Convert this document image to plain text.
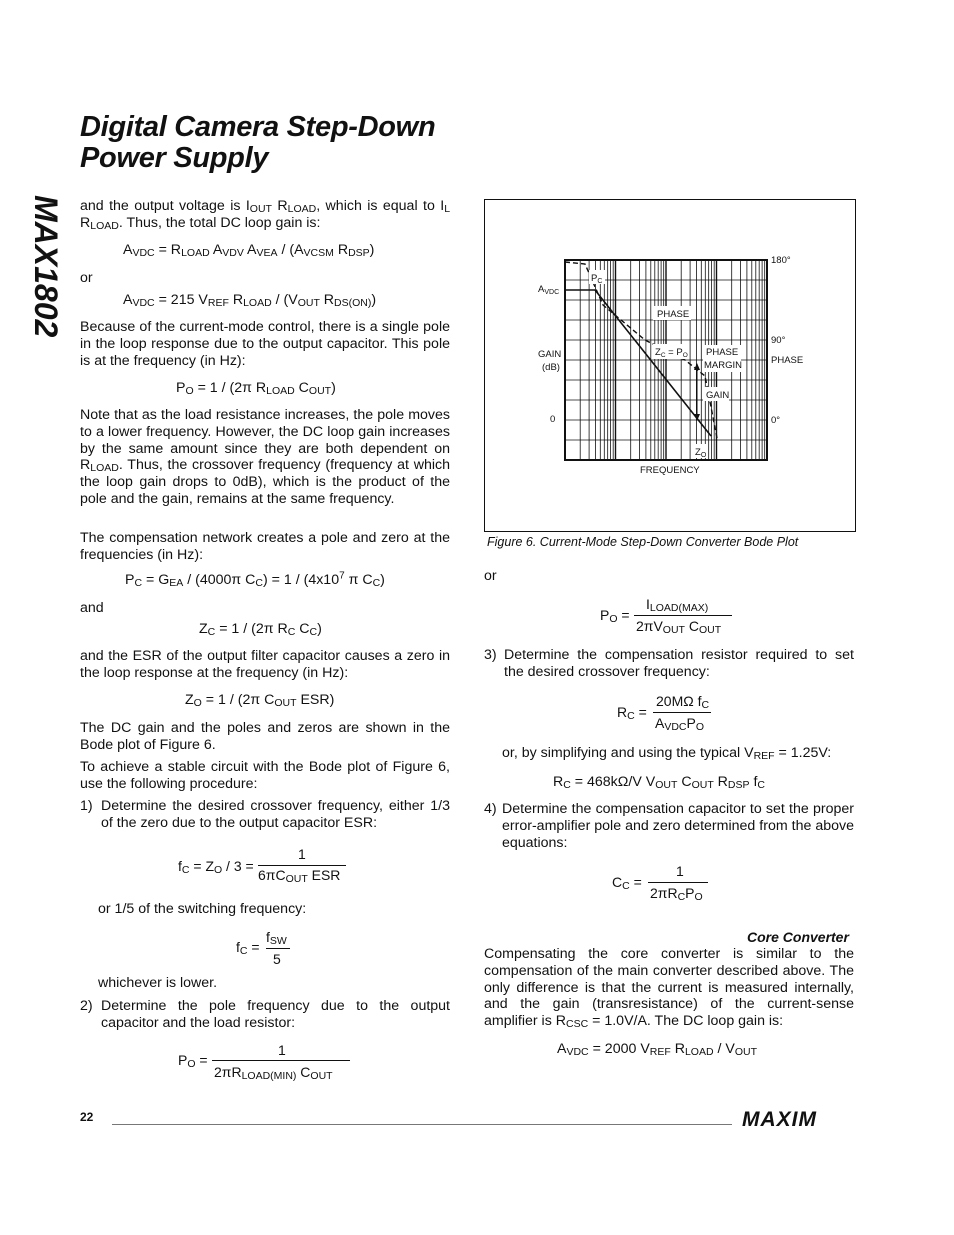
Digital Camera Step-Down
Power Supply
MAX1802 and the output voltage is $I_{OUT}$ $R_{LOAD}$, which is equal to $I_L$ $R_{LOAD}$. Thus, the total DC loop gain is:

$A_{VDC} = R_{LOAD}$ $A_{VDV}$ $A_{VEA} / (A_{VCSM}$ $R_{DSP}$)
or
$A_{VDC} = 215$ $V_{REF}$ $R_{LOAD} / (V_{OUT}$ $R_{DS(ON)}$)

Because of the current-mode control, there is a single pole in the loop response due to the output capacitor. This pole is at the frequency (in Hz):

$P_O = 1 / (2\pi$ $R_{LOAD}$ $C_{OUT}$)

Note that as the load resistance increases, the pole moves to a lower frequency. However, the DC loop gain increases by the same amount since they are both dependent on $R_{LOAD}$. Thus, the crossover frequency (frequency at which the loop gain drops to 0dB), which is the product of the pole and the gain, remains at the same frequency.

The compensation network creates a pole and zero at the frequencies (in Hz):

$P_C = G_{EA} / (4000\pi$ $C_C) = 1 / (4x10^7$ π $C_C$)
and
$Z_C = 1 / (2\pi$ $R_C$ $C_C$)

and the ESR of the output filter capacitor causes a zero in the loop response at the frequency (in Hz):

$Z_O = 1 / (2\pi$ $C_{OUT}$ ESR)

The DC gain and the poles and zeros are shown in the Bode plot of Figure 6.

To achieve a stable circuit with the Bode plot of Figure 6, use the following procedure:

1) Determine the desired crossover frequency, either 1/3 of the zero due to the output capacitor ESR:

$f_C = Z_O / 3$ =
1
$6\pi C_{OUT}$ ESR
or 1/5 of the switching frequency:
$f_C$ =
$f_{SW}$
5
whichever is lower.
2) Determine the pole frequency due to the output capacitor and the load resistor:

$P_O$ =
1
$2\pi R_{LOAD(MIN)}$ $C_{OUT}$
$P_C$
PHASE
$Z_C = P_O$ PHASE
MARGIN
GAIN
$Z_O$
$A_{VDC}$
GAIN
(dB)
0
180°
90°
PHASE
0°
FREQUENCY
Figure 6. Current-Mode Step-Down Converter Bode Plot
or
$P_O$ =
$I_{LOAD(MAX)}$
$2\pi V_{OUT}$ $C_{OUT}$
3) Determine the compensation resistor required to set the desired crossover frequency:

$R_C$ =
20MΩ $f_C$
$A_{VDC}P_O$
or, by simplifying and using the typical $V_{REF} = 1.25V$:
$R_C = 468k\Omega/V$ $V_{OUT}$ $C_{OUT}$ $R_{DSP}$ $f_C$
4) Determine the compensation capacitor to set the proper error-amplifier pole and zero determined from the above equations:

$C_C$ =
1
$2\pi R_CP_O$
Core Converter

Compensating the core converter is similar to the compensation of the main converter described above. The only difference is that the current is measured internally, and the gain (transresistance) of the current-sense amplifier is $R_{CSC} = 1.0V/A$. The DC loop gain is:

$A_{VDC} = 2000$ $V_{REF}$ $R_{LOAD} / V_{OUT}$
22	MAXIM
